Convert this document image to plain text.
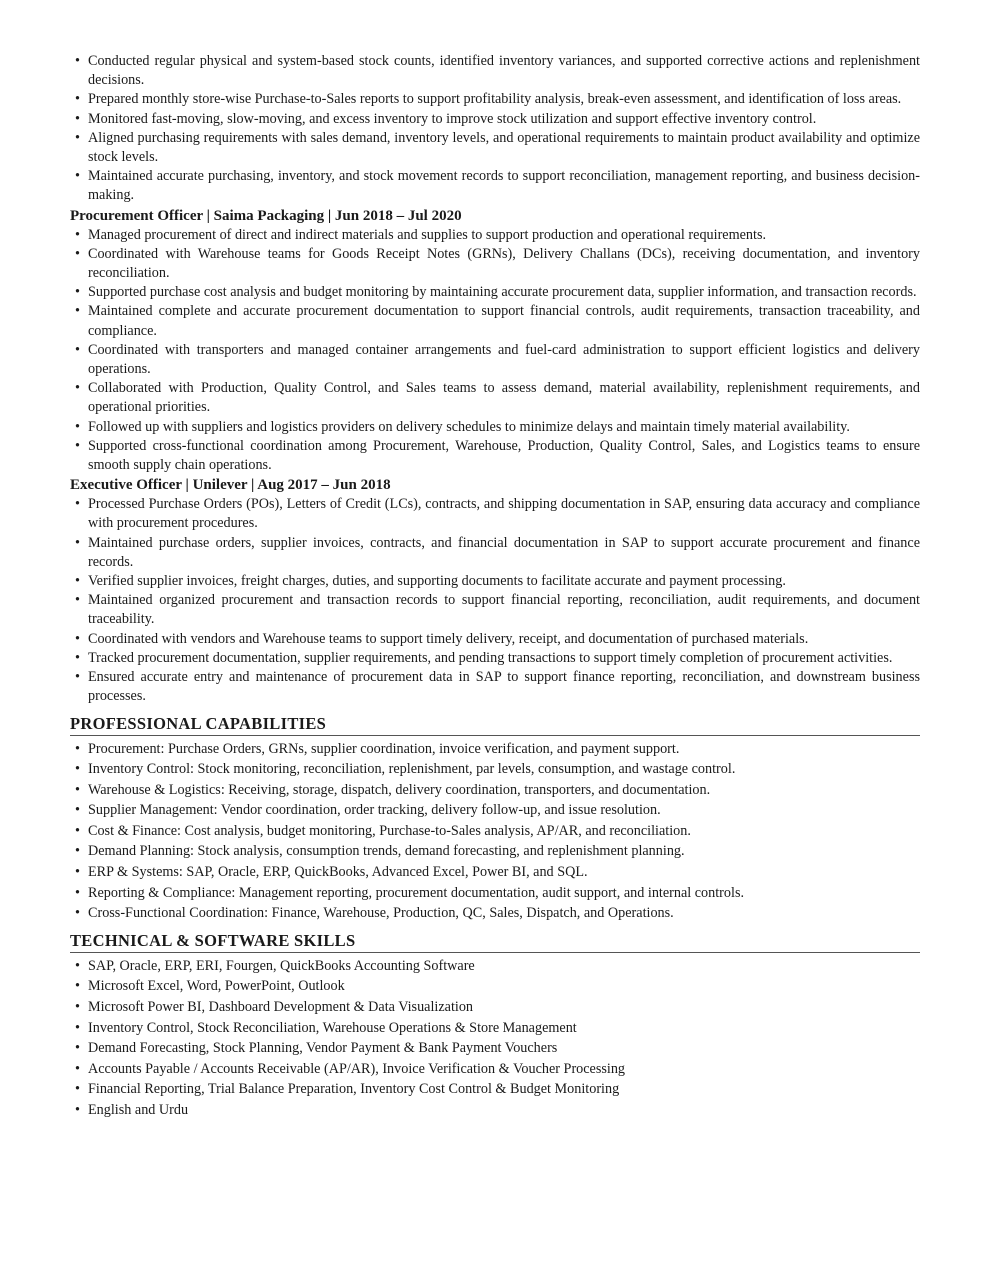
• Conducted regular physical and system-based stock counts, identified inventory variances, and supported corrective actions and replenishment decisions.
• Prepared monthly store-wise Purchase-to-Sales reports to support profitability analysis, break-even assessment, and identification of loss areas.
• Monitored fast-moving, slow-moving, and excess inventory to improve stock utilization and support effective inventory control.
• Aligned purchasing requirements with sales demand, inventory levels, and operational requirements to maintain product availability and optimize stock levels.
• Maintained accurate purchasing, inventory, and stock movement records to support reconciliation, management reporting, and business decision-making.
Procurement Officer | Saima Packaging | Jun 2018 – Jul 2020
• Managed procurement of direct and indirect materials and supplies to support production and operational requirements.
• Coordinated with Warehouse teams for Goods Receipt Notes (GRNs), Delivery Challans (DCs), receiving documentation, and inventory reconciliation.
• Supported purchase cost analysis and budget monitoring by maintaining accurate procurement data, supplier information, and transaction records.
• Maintained complete and accurate procurement documentation to support financial controls, audit requirements, transaction traceability, and compliance.
• Coordinated with transporters and managed container arrangements and fuel-card administration to support efficient logistics and delivery operations.
• Collaborated with Production, Quality Control, and Sales teams to assess demand, material availability, replenishment requirements, and operational priorities.
• Followed up with suppliers and logistics providers on delivery schedules to minimize delays and maintain timely material availability.
• Supported cross-functional coordination among Procurement, Warehouse, Production, Quality Control, Sales, and Logistics teams to ensure smooth supply chain operations.
Executive Officer | Unilever | Aug 2017 – Jun 2018
• Processed Purchase Orders (POs), Letters of Credit (LCs), contracts, and shipping documentation in SAP, ensuring data accuracy and compliance with procurement procedures.
• Maintained purchase orders, supplier invoices, contracts, and financial documentation in SAP to support accurate procurement and finance records.
• Verified supplier invoices, freight charges, duties, and supporting documents to facilitate accurate and payment processing.
• Maintained organized procurement and transaction records to support financial reporting, reconciliation, audit requirements, and document traceability.
• Coordinated with vendors and Warehouse teams to support timely delivery, receipt, and documentation of purchased materials.
• Tracked procurement documentation, supplier requirements, and pending transactions to support timely completion of procurement activities.
• Ensured accurate entry and maintenance of procurement data in SAP to support finance reporting, reconciliation, and downstream business processes.
PROFESSIONAL CAPABILITIES
• Procurement: Purchase Orders, GRNs, supplier coordination, invoice verification, and payment support.
• Inventory Control: Stock monitoring, reconciliation, replenishment, par levels, consumption, and wastage control.
• Warehouse & Logistics: Receiving, storage, dispatch, delivery coordination, transporters, and documentation.
• Supplier Management: Vendor coordination, order tracking, delivery follow-up, and issue resolution.
• Cost & Finance: Cost analysis, budget monitoring, Purchase-to-Sales analysis, AP/AR, and reconciliation.
• Demand Planning: Stock analysis, consumption trends, demand forecasting, and replenishment planning.
• ERP & Systems: SAP, Oracle, ERP, QuickBooks, Advanced Excel, Power BI, and SQL.
• Reporting & Compliance: Management reporting, procurement documentation, audit support, and internal controls.
• Cross-Functional Coordination: Finance, Warehouse, Production, QC, Sales, Dispatch, and Operations.
TECHNICAL & SOFTWARE SKILLS
• SAP, Oracle, ERP, ERI, Fourgen, QuickBooks Accounting Software
• Microsoft Excel, Word, PowerPoint, Outlook
• Microsoft Power BI, Dashboard Development & Data Visualization
• Inventory Control, Stock Reconciliation, Warehouse Operations & Store Management
• Demand Forecasting, Stock Planning, Vendor Payment & Bank Payment Vouchers
• Accounts Payable / Accounts Receivable (AP/AR), Invoice Verification & Voucher Processing
• Financial Reporting, Trial Balance Preparation, Inventory Cost Control & Budget Monitoring
• English and Urdu
